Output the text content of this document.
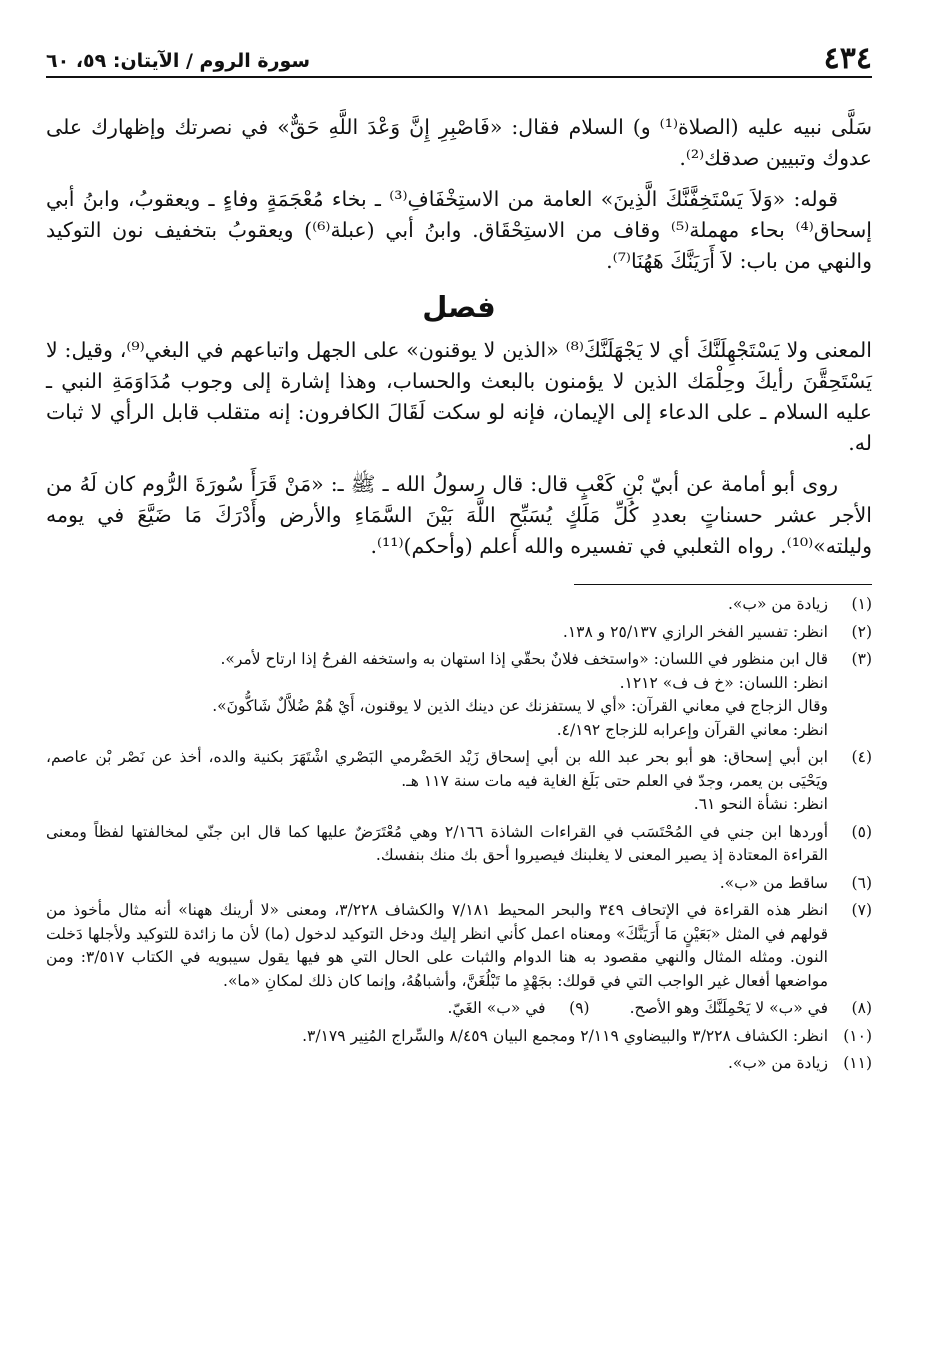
٤٣٤
سورة الروم / الآيتان: ٥٩، ٦٠

سَلَّى نبيه عليه (الصلاة⁽¹⁾ و) السلام فقال: «فَاصْبِرِ إِنَّ وَعْدَ اللَّهِ حَقٌّ» في نصرتك وإظهارك على عدوك وتبيين صدقك⁽²⁾.

قوله: «وَلاَ يَسْتَخِفَّنَّكَ الَّذِينَ» العامة من الاستِخْفَافِ⁽³⁾ ـ بخاء مُعْجَمَةٍ وفاءٍ ـ ويعقوبُ، وابنُ أبي إسحاق⁽⁴⁾ بحاء مهملة⁽⁵⁾ وقاف من الاستِحْقَاق. وابنُ أبي (عبلة⁽⁶⁾) ويعقوبُ بتخفيف نون التوكيد والنهي من باب: لاَ أَرَيَنَّكَ هَهُنَا⁽⁷⁾.

فصل

المعنى ولا يَسْتَجْهِلَنَّكَ أي لا يَجْهَلَنَّكَ⁽⁸⁾ «الذين لا يوقنون» على الجهل واتباعهم في البغي⁽⁹⁾، وقيل: لا يَسْتَحِقَّنَ رأيكَ وحِلْمَك الذين لا يؤمنون بالبعث والحساب، وهذا إشارة إلى وجوب مُدَاوَمَةِ النبي ـ عليه السلام ـ على الدعاء إلى الإيمان، فإنه لو سكت لَقَالَ الكافرون: إنه متقلب قابل الرأي لا ثبات له.

روى أبو أمامة عن أبيّ بْنِ كَعْبٍ قال: قال رسولُ الله ـ ﷺ ـ: «مَنْ قَرَأَ سُورَةَ الرُّوم كان لَهُ من الأجر عشر حسناتٍ بعددِ كُلِّ مَلَكٍ يُسَبِّحِ اللَّهَ بَيْنَ السَّمَاءِ والأرض وأَدْرَكَ مَا ضَيَّعَ في يومه وليلته»⁽¹⁰⁾. رواه الثعلبي في تفسيره والله أعلم (وأحكم)⁽¹¹⁾.

(١)
زيادة من «ب».
(٢)
انظر: تفسير الفخر الرازي ٢٥/١٣٧ و ١٣٨.
(٣)
قال ابن منظور في اللسان: «واستخف فلانٌ بحقّي إذا استهان به واستخفه الفرحُ إذا ارتاح لأمر».
انظر: اللسان: «خ ف ف» ١٢١٢.
وقال الزجاج في معاني القرآن: «أي لا يستفزنك عن دينك الذين لا يوقنون، أَيْ هُمْ ضُلاَّلٌ شَاكُّونَ».
انظر: معاني القرآن وإعرابه للزجاج ٤/١٩٢.
(٤)
ابن أبي إسحاق: هو أبو بحر عبد الله بن أبي إسحاق زَيْد الحَضْرمي البَصْري اشْتَهَرَ بكنية والده، أخذ عن نَصْر بْن عاصم، ويَحْيَى بن يعمر، وجدّ في العلم حتى بَلَغ الغاية فيه مات سنة ١١٧ هـ.
انظر: نشأة النحو ٦١.
(٥)
أوردها ابن جني في المُحْتَسَب في القراءات الشاذة ٢/١٦٦ وهي مُعْتَرَضٌ عليها كما قال ابن جنّي لمخالفتها لفظاً ومعنى القراءة المعتادة إذ يصير المعنى لا يغلبنك فيصيروا أحق بك منك بنفسك.
(٦)
ساقط من «ب».
(٧)
انظر هذه القراءة في الإتحاف ٣٤٩ والبحر المحيط ٧/١٨١ والكشاف ٣/٢٢٨، ومعنى «لا أرينك ههنا» أنه مثال مأخوذ من قولهم في المثل «بَعَيْنٍ مَا أَرَيَنَّكَ» ومعناه اعمل كأني انظر إليك ودخل التوكيد لدخول (ما) لأن ما زائدة للتوكيد ولأجلها دَخلت النون. ومثله المثال والنهي مقصود به هنا الدوام والثبات على الحال التي هو فيها يقول سيبويه في الكتاب ٣/٥١٧: ومن مواضعها أفعال غير الواجب التي في قولك: بجَهْدٍ ما تَبْلُغَنَّ، وأشباهُهُ، وإنما كان ذلك لمكانِ «ما».
(٨)
في «ب» لا يَحْمِلَنَّكَ وهو الأصح.
(٩)
في «ب» الغَيّ.
(١٠)
انظر: الكشاف ٣/٢٢٨ والبيضاوي ٢/١١٩ ومجمع البيان ٨/٤٥٩ والسِّراج المُنِير ٣/١٧٩.
(١١)
زيادة من «ب».
